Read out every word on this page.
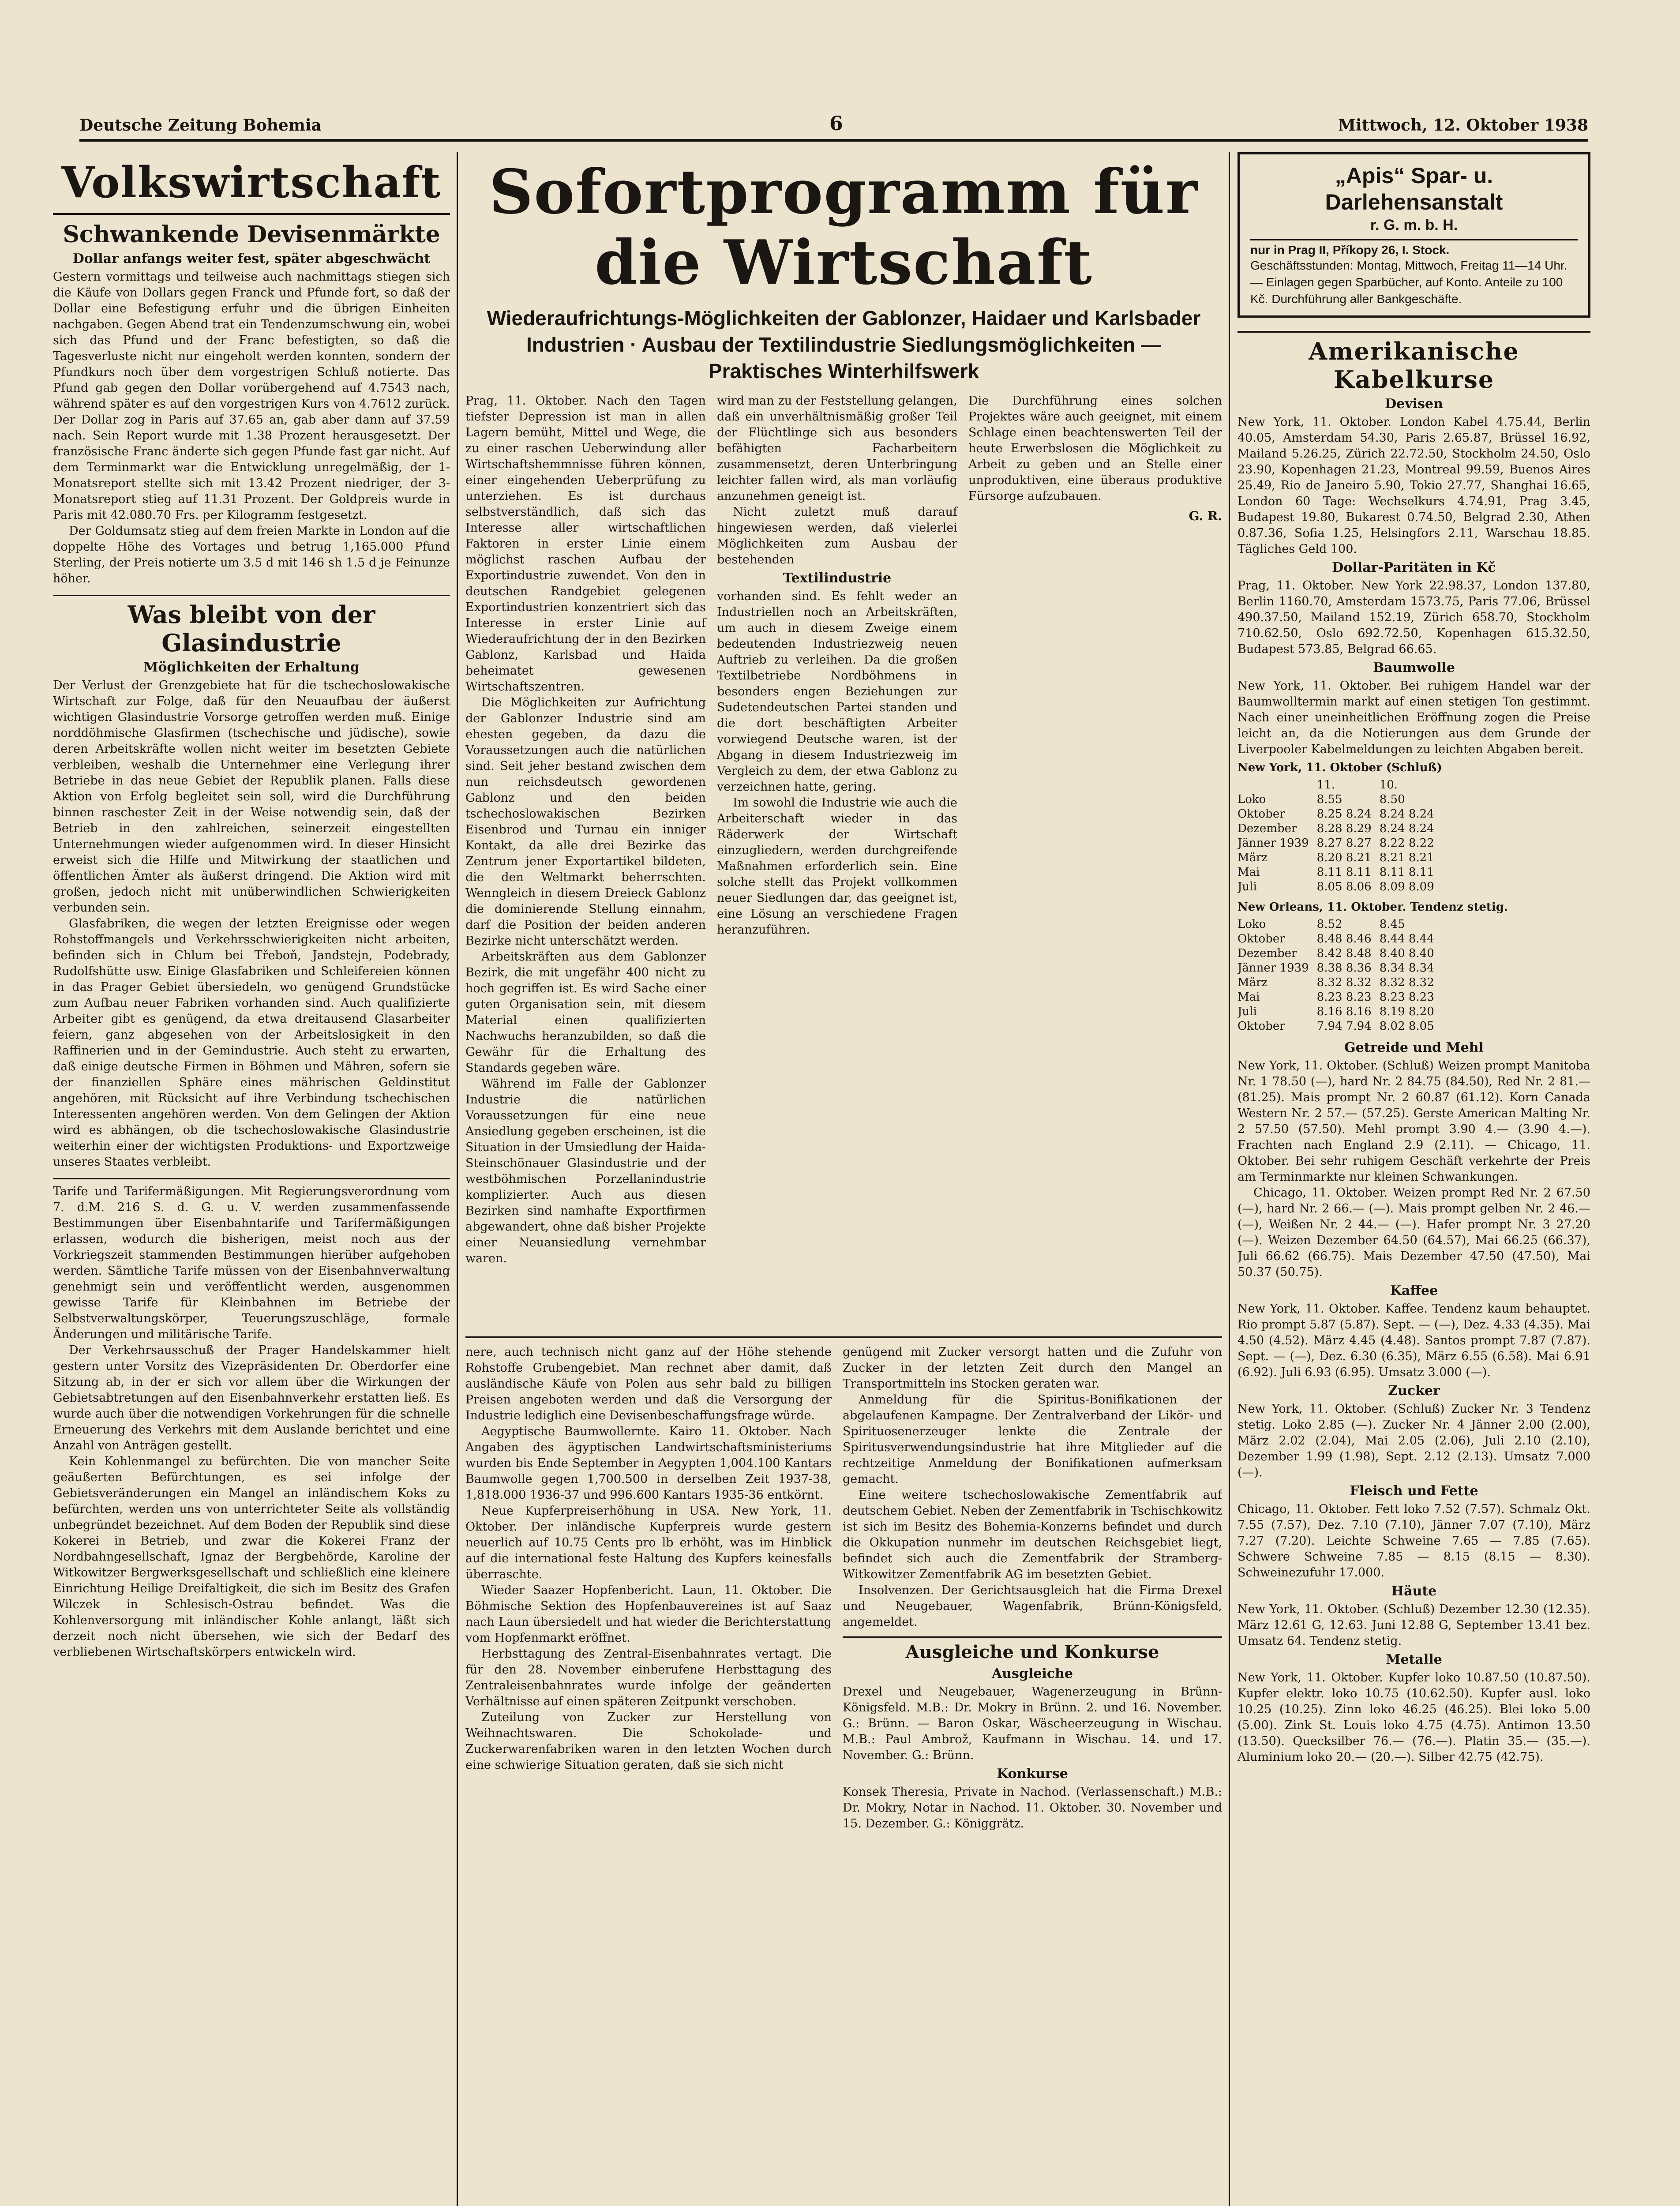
Deutsche Zeitung Bohemia	6	Mittwoch, 12. Oktober 1938
Volkswirtschaft
Schwankende Devisenmärkte
Dollar anfangs weiter fest, später abgeschwächt

Gestern vormittags und teilweise auch nachmittags stiegen sich die Käufe von Dollars gegen Franck und Pfunde fort, so daß der Dollar eine Befestigung erfuhr und die übrigen Einheiten nachgaben. Gegen Abend trat ein Tendenzumschwung ein, wobei sich das Pfund und der Franc befestigten, so daß die Tagesverluste nicht nur eingeholt werden konnten, sondern der Pfundkurs noch über dem vorgestrigen Schluß notierte. Das Pfund gab gegen den Dollar vorübergehend auf 4.7543 nach, während später es auf den vorgestrigen Kurs von 4.7612 zurück. Der Dollar zog in Paris auf 37.65 an, gab aber dann auf 37.59 nach. Sein Report wurde mit 1.38 Prozent herausgesetzt. Der französische Franc änderte sich gegen Pfunde fast gar nicht. Auf dem Terminmarkt war die Entwicklung unregelmäßig, der 1-Monatsreport stellte sich mit 13.42 Prozent niedriger, der 3-Monatsreport stieg auf 11.31 Prozent. Der Goldpreis wurde in Paris mit 42.080.70 Frs. per Kilogramm festgesetzt.

Der Goldumsatz stieg auf dem freien Markte in London auf die doppelte Höhe des Vortages und betrug 1,165.000 Pfund Sterling, der Preis notierte um 3.5 d mit 146 sh 1.5 d je Feinunze höher.

Was bleibt von der Glasindustrie
Möglichkeiten der Erhaltung

Der Verlust der Grenzgebiete hat für die tschechoslowakische Wirtschaft zur Folge, daß für den Neuaufbau der äußerst wichtigen Glasindustrie Vorsorge getroffen werden muß. Einige norddöhmische Glasfirmen (tschechische und jüdische), sowie deren Arbeitskräfte wollen nicht weiter im besetzten Gebiete verbleiben, weshalb die Unternehmer eine Verlegung ihrer Betriebe in das neue Gebiet der Republik planen. Falls diese Aktion von Erfolg begleitet sein soll, wird die Durchführung binnen raschester Zeit in der Weise notwendig sein, daß der Betrieb in den zahlreichen, seinerzeit eingestellten Unternehmungen wieder aufgenommen wird. In dieser Hinsicht erweist sich die Hilfe und Mitwirkung der staatlichen und öffentlichen Ämter als äußerst dringend. Die Aktion wird mit großen, jedoch nicht mit unüberwindlichen Schwierigkeiten verbunden sein.

Glasfabriken, die wegen der letzten Ereignisse oder wegen Rohstoffmangels und Verkehrsschwierigkeiten nicht arbeiten, befinden sich in Chlum bei Třeboň, Jandstejn, Podebrady, Rudolfshütte usw. Einige Glasfabriken und Schleifereien können in das Prager Gebiet übersiedeln, wo genügend Grundstücke zum Aufbau neuer Fabriken vorhanden sind. Auch qualifizierte Arbeiter gibt es genügend, da etwa dreitausend Glasarbeiter feiern, ganz abgesehen von der Arbeitslosigkeit in den Raffinerien und in der Gemindustrie. Auch steht zu erwarten, daß einige deutsche Firmen in Böhmen und Mähren, sofern sie der finanziellen Sphäre eines mährischen Geldinstitut angehören, mit Rücksicht auf ihre Verbindung tschechischen Interessenten angehören werden. Von dem Gelingen der Aktion wird es abhängen, ob die tschechoslowakische Glasindustrie weiterhin einer der wichtigsten Produktions- und Exportzweige unseres Staates verbleibt.

Tarife und Tarifermäßigungen. Mit Regierungsverordnung vom 7. d.M. 216 S. d. G. u. V. werden zusammenfassende Bestimmungen über Eisenbahntarife und Tarifermäßigungen erlassen, wodurch die bisherigen, meist noch aus der Vorkriegszeit stammenden Bestimmungen hierüber aufgehoben werden. Sämtliche Tarife müssen von der Eisenbahnverwaltung genehmigt sein und veröffentlicht werden, ausgenommen gewisse Tarife für Kleinbahnen im Betriebe der Selbstverwaltungskörper, Teuerungszuschläge, formale Änderungen und militärische Tarife.

Der Verkehrsausschuß der Prager Handelskammer hielt gestern unter Vorsitz des Vizepräsidenten Dr. Oberdorfer eine Sitzung ab, in der er sich vor allem über die Wirkungen der Gebietsabtretungen auf den Eisenbahnverkehr erstatten ließ. Es wurde auch über die notwendigen Vorkehrungen für die schnelle Erneuerung des Verkehrs mit dem Auslande berichtet und eine Anzahl von Anträgen gestellt.

Kein Kohlenmangel zu befürchten. Die von mancher Seite geäußerten Befürchtungen, es sei infolge der Gebietsveränderungen ein Mangel an inländischem Koks zu befürchten, werden uns von unterrichteter Seite als vollständig unbegründet bezeichnet. Auf dem Boden der Republik sind diese Kokerei in Betrieb, und zwar die Kokerei Franz der Nordbahngesellschaft, Ignaz der Bergbehörde, Karoline der Witkowitzer Bergwerksgesellschaft und schließlich eine kleinere Einrichtung Heilige Dreifaltigkeit, die sich im Besitz des Grafen Wilczek in Schlesisch-Ostrau befindet. Was die Kohlenversorgung mit inländischer Kohle anlangt, läßt sich derzeit noch nicht übersehen, wie sich der Bedarf des verbliebenen Wirtschaftskörpers entwickeln wird.

Sofortprogramm für die Wirtschaft
Wiederaufrichtungs-Möglichkeiten der Gablonzer, Haidaer und Karlsbader Industrien · Ausbau der Textilindustrie Siedlungsmöglichkeiten — Praktisches Winterhilfswerk

Prag, 11. Oktober. Nach den Tagen tiefster Depression ist man in allen Lagern bemüht, Mittel und Wege, die zu einer raschen Ueberwindung aller Wirtschaftshemmnisse führen können, einer eingehenden Ueberprüfung zu unterziehen. Es ist durchaus selbstverständlich, daß sich das Interesse aller wirtschaftlichen Faktoren in erster Linie einem möglichst raschen Aufbau der Exportindustrie zuwendet. Von den in deutschen Randgebiet gelegenen Exportindustrien konzentriert sich das Interesse in erster Linie auf Wiederaufrichtung der in den Bezirken Gablonz, Karlsbad und Haida beheimatet gewesenen Wirtschaftszentren.

Die Möglichkeiten zur Aufrichtung der Gablonzer Industrie sind am ehesten gegeben, da dazu die Voraussetzungen auch die natürlichen sind. Seit jeher bestand zwischen dem nun reichsdeutsch gewordenen Gablonz und den beiden tschechoslowakischen Bezirken Eisenbrod und Turnau ein inniger Kontakt, da alle drei Bezirke das Zentrum jener Exportartikel bildeten, die den Weltmarkt beherrschten. Wenngleich in diesem Dreieck Gablonz die dominierende Stellung einnahm, darf die Position der beiden anderen Bezirke nicht unterschätzt werden.

Arbeitskräften aus dem Gablonzer Bezirk, die mit ungefähr 400 nicht zu hoch gegriffen ist. Es wird Sache einer guten Organisation sein, mit diesem Material einen qualifizierten Nachwuchs heranzubilden, so daß die Gewähr für die Erhaltung des Standards gegeben wäre.

Während im Falle der Gablonzer Industrie die natürlichen Voraussetzungen für eine neue Ansiedlung gegeben erscheinen, ist die Situation in der Umsiedlung der Haida-Steinschönauer Glasindustrie und der westböhmischen Porzellanindustrie komplizierter. Auch aus diesen Bezirken sind namhafte Exportfirmen abgewandert, ohne daß bisher Projekte einer Neuansiedlung vernehmbar waren.

wird man zu der Feststellung gelangen, daß ein unverhältnismäßig großer Teil der Flüchtlinge sich aus besonders befähigten Facharbeitern zusammensetzt, deren Unterbringung leichter fallen wird, als man vorläufig anzunehmen geneigt ist.

Nicht zuletzt muß darauf hingewiesen werden, daß vielerlei Möglichkeiten zum Ausbau der bestehenden

Textilindustrie

vorhanden sind. Es fehlt weder an Industriellen noch an Arbeitskräften, um auch in diesem Zweige einem bedeutenden Industriezweig neuen Auftrieb zu verleihen. Da die großen Textilbetriebe Nordböhmens in besonders engen Beziehungen zur Sudetendeutschen Partei standen und die dort beschäftigten Arbeiter vorwiegend Deutsche waren, ist der Abgang in diesem Industriezweig im Vergleich zu dem, der etwa Gablonz zu verzeichnen hatte, gering.

Im sowohl die Industrie wie auch die Arbeiterschaft wieder in das Räderwerk der Wirtschaft einzugliedern, werden durchgreifende Maßnahmen erforderlich sein. Eine solche stellt das Projekt vollkommen neuer Siedlungen dar, das geeignet ist, eine Lösung an verschiedene Fragen heranzuführen.

Die Durchführung eines solchen Projektes wäre auch geeignet, mit einem Schlage einen beachtenswerten Teil der heute Erwerbslosen die Möglichkeit zu Arbeit zu geben und an Stelle einer unproduktiven, eine überaus produktive Fürsorge aufzubauen.

G. R.

nere, auch technisch nicht ganz auf der Höhe stehende Rohstoffe Grubengebiet. Man rechnet aber damit, daß ausländische Käufe von Polen aus sehr bald zu billigen Preisen angeboten werden und daß die Versorgung der Industrie lediglich eine Devisenbeschaffungsfrage würde.

Aegyptische Baumwollernte. Kairo 11. Oktober. Nach Angaben des ägyptischen Landwirtschaftsministeriums wurden bis Ende September in Aegypten 1,004.100 Kantars Baumwolle gegen 1,700.500 in derselben Zeit 1937-38, 1,818.000 1936-37 und 996.600 Kantars 1935-36 entkörnt.

Neue Kupferpreiserhöhung in USA. New York, 11. Oktober. Der inländische Kupferpreis wurde gestern neuerlich auf 10.75 Cents pro lb erhöht, was im Hinblick auf die international feste Haltung des Kupfers keinesfalls überraschte.

Wieder Saazer Hopfenbericht. Laun, 11. Oktober. Die Böhmische Sektion des Hopfenbauvereines ist auf Saaz nach Laun übersiedelt und hat wieder die Berichterstattung vom Hopfenmarkt eröffnet.

Herbsttagung des Zentral-Eisenbahnrates vertagt. Die für den 28. November einberufene Herbsttagung des Zentraleisenbahnrates wurde infolge der geänderten Verhältnisse auf einen späteren Zeitpunkt verschoben.

Zuteilung von Zucker zur Herstellung von Weihnachtswaren. Die Schokolade- und Zuckerwarenfabriken waren in den letzten Wochen durch eine schwierige Situation geraten, daß sie sich nicht

genügend mit Zucker versorgt hatten und die Zufuhr von Zucker in der letzten Zeit durch den Mangel an Transportmitteln ins Stocken geraten war.

Anmeldung für die Spiritus-Bonifikationen der abgelaufenen Kampagne. Der Zentralverband der Likör- und Spirituosenerzeuger lenkte die Zentrale der Spiritusverwendungsindustrie hat ihre Mitglieder auf die rechtzeitige Anmeldung der Bonifikationen aufmerksam gemacht.

Eine weitere tschechoslowakische Zementfabrik auf deutschem Gebiet. Neben der Zementfabrik in Tschischkowitz ist sich im Besitz des Bohemia-Konzerns befindet und durch die Okkupation nunmehr im deutschen Reichsgebiet liegt, befindet sich auch die Zementfabrik der Stramberg-Witkowitzer Zementfabrik AG im besetzten Gebiet.

Insolvenzen. Der Gerichtsausgleich hat die Firma Drexel und Neugebauer, Wagenfabrik, Brünn-Königsfeld, angemeldet.

Ausgleiche und Konkurse
Ausgleiche

Drexel und Neugebauer, Wagenerzeugung in Brünn-Königsfeld. M.B.: Dr. Mokry in Brünn. 2. und 16. November. G.: Brünn. — Baron Oskar, Wäscheerzeugung in Wischau. M.B.: Paul Ambrož, Kaufmann in Wischau. 14. und 17. November. G.: Brünn.

Konkurse

Konsek Theresia, Private in Nachod. (Verlassenschaft.) M.B.: Dr. Mokry, Notar in Nachod. 11. Oktober. 30. November und 15. Dezember. G.: Königgrätz.

„Apis“ Spar- u. Darlehensanstalt
r. G. m. b. H.
nur in Prag II, Příkopy 26, I. Stock.
Geschäftsstunden: Montag, Mittwoch, Freitag 11—14 Uhr. — Einlagen gegen Sparbücher, auf Konto. Anteile zu 100 Kč. Durchführung aller Bankgeschäfte.
Amerikanische Kabelkurse
Devisen

New York, 11. Oktober. London Kabel 4.75.44, Berlin 40.05, Amsterdam 54.30, Paris 2.65.87, Brüssel 16.92, Mailand 5.26.25, Zürich 22.72.50, Stockholm 24.50, Oslo 23.90, Kopenhagen 21.23, Montreal 99.59, Buenos Aires 25.49, Rio de Janeiro 5.90, Tokio 27.77, Shanghai 16.65, London 60 Tage: Wechselkurs 4.74.91, Prag 3.45, Budapest 19.80, Bukarest 0.74.50, Belgrad 2.30, Athen 0.87.36, Sofia 1.25, Helsingfors 2.11, Warschau 18.85. Tägliches Geld 100.

Dollar-Paritäten in Kč

Prag, 11. Oktober. New York 22.98.37, London 137.80, Berlin 1160.70, Amsterdam 1573.75, Paris 77.06, Brüssel 490.37.50, Mailand 152.19, Zürich 658.70, Stockholm 710.62.50, Oslo 692.72.50, Kopenhagen 615.32.50, Budapest 573.85, Belgrad 66.65.

Baumwolle

New York, 11. Oktober. Bei ruhigem Handel war der Baumwolltermin markt auf einen stetigen Ton gestimmt. Nach einer uneinheitlichen Eröffnung zogen die Preise leicht an, da die Notierungen aus dem Grunde der Liverpooler Kabelmeldungen zu leichten Abgaben bereit.

New York, 11. Oktober (Schluß)
	11.	10.
Loko	8.55	8.50
Oktober	8.25 8.24	8.24 8.24
Dezember	8.28 8.29	8.24 8.24
Jänner 1939	8.27 8.27	8.22 8.22
März	8.20 8.21	8.21 8.21
Mai	8.11 8.11	8.11 8.11
Juli	8.05 8.06	8.09 8.09
New Orleans, 11. Oktober. Tendenz stetig.
Loko	8.52	8.45
Oktober	8.48 8.46	8.44 8.44
Dezember	8.42 8.48	8.40 8.40
Jänner 1939	8.38 8.36	8.34 8.34
März	8.32 8.32	8.32 8.32
Mai	8.23 8.23	8.23 8.23
Juli	8.16 8.16	8.19 8.20
Oktober	7.94 7.94	8.02 8.05
Getreide und Mehl

New York, 11. Oktober. (Schluß) Weizen prompt Manitoba Nr. 1 78.50 (—), hard Nr. 2 84.75 (84.50), Red Nr. 2 81.— (81.25). Mais prompt Nr. 2 60.87 (61.12). Korn Canada Western Nr. 2 57.— (57.25). Gerste American Malting Nr. 2 57.50 (57.50). Mehl prompt 3.90 4.— (3.90 4.—). Frachten nach England 2.9 (2.11). — Chicago, 11. Oktober. Bei sehr ruhigem Geschäft verkehrte der Preis am Terminmarkte nur kleinen Schwankungen.

Chicago, 11. Oktober. Weizen prompt Red Nr. 2 67.50 (—), hard Nr. 2 66.— (—). Mais prompt gelben Nr. 2 46.— (—), Weißen Nr. 2 44.— (—). Hafer prompt Nr. 3 27.20 (—). Weizen Dezember 64.50 (64.57), Mai 66.25 (66.37), Juli 66.62 (66.75). Mais Dezember 47.50 (47.50), Mai 50.37 (50.75).

Kaffee

New York, 11. Oktober. Kaffee. Tendenz kaum behauptet. Rio prompt 5.87 (5.87). Sept. — (—), Dez. 4.33 (4.35). Mai 4.50 (4.52). März 4.45 (4.48). Santos prompt 7.87 (7.87). Sept. — (—), Dez. 6.30 (6.35), März 6.55 (6.58). Mai 6.91 (6.92). Juli 6.93 (6.95). Umsatz 3.000 (—).

Zucker

New York, 11. Oktober. (Schluß) Zucker Nr. 3 Tendenz stetig. Loko 2.85 (—). Zucker Nr. 4 Jänner 2.00 (2.00), März 2.02 (2.04), Mai 2.05 (2.06), Juli 2.10 (2.10), Dezember 1.99 (1.98), Sept. 2.12 (2.13). Umsatz 7.000 (—).

Fleisch und Fette

Chicago, 11. Oktober. Fett loko 7.52 (7.57). Schmalz Okt. 7.55 (7.57), Dez. 7.10 (7.10), Jänner 7.07 (7.10), März 7.27 (7.20). Leichte Schweine 7.65 — 7.85 (7.65). Schwere Schweine 7.85 — 8.15 (8.15 — 8.30). Schweinezufuhr 17.000.

Häute

New York, 11. Oktober. (Schluß) Dezember 12.30 (12.35). März 12.61 G, 12.63. Juni 12.88 G, September 13.41 bez. Umsatz 64. Tendenz stetig.

Metalle

New York, 11. Oktober. Kupfer loko 10.87.50 (10.87.50). Kupfer elektr. loko 10.75 (10.62.50). Kupfer ausl. loko 10.25 (10.25). Zinn loko 46.25 (46.25). Blei loko 5.00 (5.00). Zink St. Louis loko 4.75 (4.75). Antimon 13.50 (13.50). Quecksilber 76.— (76.—). Platin 35.— (35.—). Aluminium loko 20.— (20.—). Silber 42.75 (42.75).
